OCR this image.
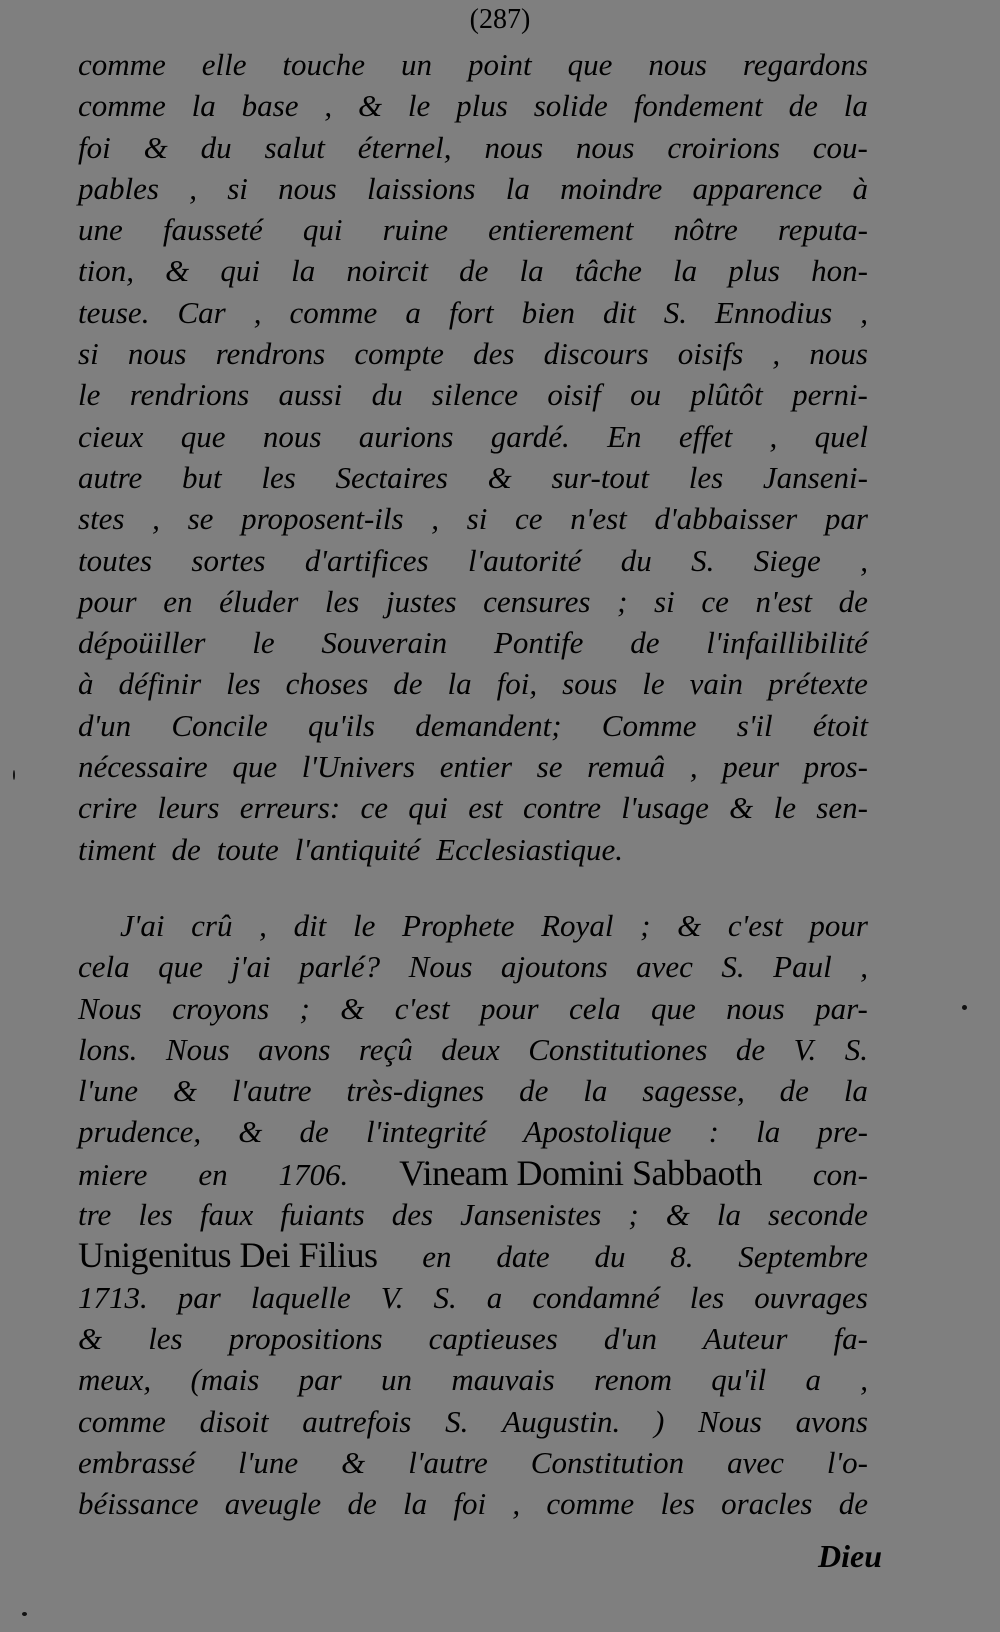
(287)
comme elle touche un point que nous regardons
comme la base , & le plus solide fondement de la
foi & du salut éternel, nous nous croirions cou-
pables , si nous laissions la moindre apparence à
une fausseté qui ruine entierement nôtre reputa-
tion, & qui la noircit de la tâche la plus hon-
teuse. Car , comme a fort bien dit S. Ennodius ,
si nous rendrons compte des discours oisifs , nous
le rendrions aussi du silence oisif ou plûtôt perni-
cieux que nous aurions gardé. En effet , quel
autre but les Sectaires & sur-tout les Janseni-
stes , se proposent-ils , si ce n'est d'abbaisser par
toutes sortes d'artifices l'autorité du S. Siege ,
pour en éluder les justes censures ; si ce n'est de
dépoüiller le Souverain Pontife de l'infaillibilité
à définir les choses de la foi, sous le vain prétexte
d'un Concile qu'ils demandent; Comme s'il étoit
nécessaire que l'Univers entier se remuâ , peur pros-
crire leurs erreurs: ce qui est contre l'usage & le sen-
timent de toute l'antiquité Ecclesiastique.
J'ai crû , dit le Prophete Royal ; & c'est pour
cela que j'ai parlé? Nous ajoutons avec S. Paul ,
Nous croyons ; & c'est pour cela que nous par-
lons. Nous avons reçû deux Constitutiones de V. S.
l'une & l'autre très-dignes de la sagesse, de la
prudence, & de l'integrité Apostolique : la pre-
miere en 1706. Vineam Domini Sabbaoth con-
tre les faux fuiants des Jansenistes ; & la seconde
Unigenitus Dei Filius en date du 8. Septembre
1713. par laquelle V. S. a condamné les ouvrages
& les propositions captieuses d'un Auteur fa-
meux, (mais par un mauvais renom qu'il a ,
comme disoit autrefois S. Augustin. ) Nous avons
embrassé l'une & l'autre Constitution avec l'o-
béissance aveugle de la foi , comme les oracles de
Dieu
